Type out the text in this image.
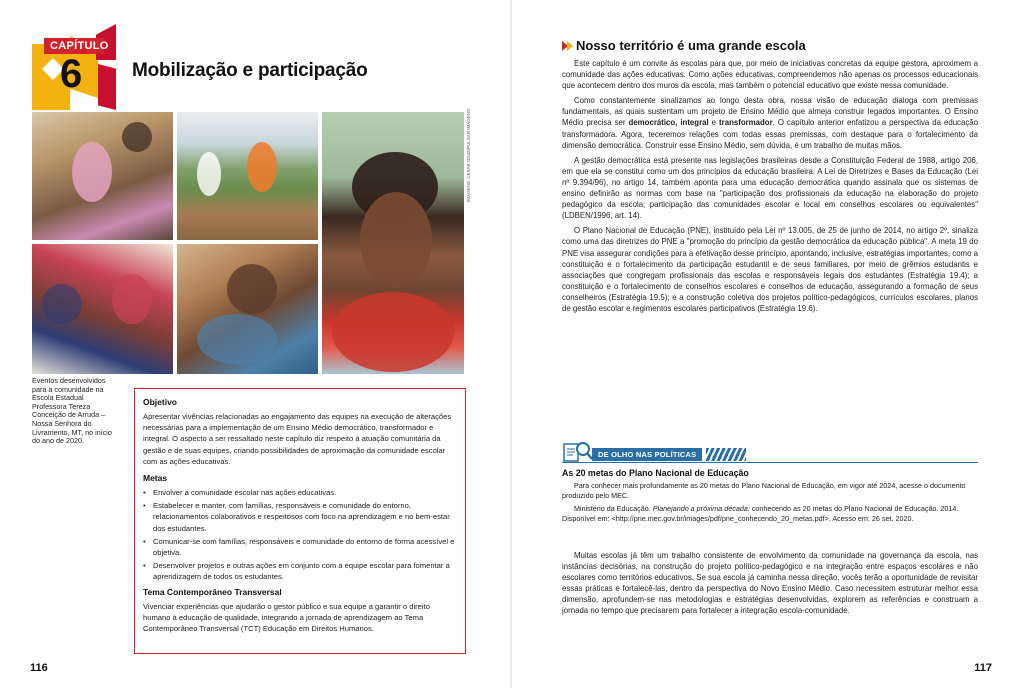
CAPÍTULO
6	Mobilização e participação
IMAGENS: CESAR DINIZ/PULSAR IMAGENS
Eventos desenvolvidos para a comunidade na Escola Estadual Professora Tereza Conceição de Arruda – Nossa Senhora do Livramento, MT, no início do ano de 2020.
Objetivo

Apresentar vivências relacionadas ao engajamento das equipes na execução de alterações necessárias para a implementação de um Ensino Médio democrático, transformador e integral. O aspecto a ser ressaltado neste capítulo diz respeito à atuação comunitária da gestão e de suas equipes, criando possibilidades de aproximação da comunidade escolar com as ações educativas.

Metas
• Envolver a comunidade escolar nas ações educativas.
• Estabelecer e manter, com famílias, responsáveis e comunidade do entorno, relacionamentos colaborativos e respeitosos com foco na aprendizagem e no bem-estar dos estudantes.
• Comunicar-se com famílias, responsáveis e comunidade do entorno de forma acessível e objetiva.
• Desenvolver projetos e outras ações em conjunto com a equipe escolar para fomentar a aprendizagem de todos os estudantes.
Tema Contemporâneo Transversal

Vivenciar experiências que ajudarão o gestor público e sua equipe a garantir o direito humano à educação de qualidade, integrando a jornada de aprendizagem ao Tema Contemporâneo Transversal (TCT) Educação em Direitos Humanos.

116
Nosso território é uma grande escola

Este capítulo é um convite às escolas para que, por meio de iniciativas concretas da equipe gestora, aproximem a comunidade das ações educativas. Como ações educativas, compreendemos não apenas os processos educacionais que acontecem dentro dos muros da escola, mas também o potencial educativo que existe nessa comunidade.

Como constantemente sinalizamos ao longo desta obra, nossa visão de educação dialoga com premissas fundamentais, as quais sustentam um projeto de Ensino Médio que almeja construir legados importantes. O Ensino Médio precisa ser democrático, integral e transformador. O capítulo anterior enfatizou a perspectiva da educação transformadora. Agora, teceremos relações com todas essas premissas, com destaque para o fortalecimento da dimensão democrática. Construir esse Ensino Médio, sem dúvida, é um trabalho de muitas mãos.

A gestão democrática está presente nas legislações brasileiras desde a Constituição Federal de 1988, artigo 206, em que ela se constitui como um dos princípios da educação brasileira. A Lei de Diretrizes e Bases da Educação (Lei nº 9.394/96), no artigo 14, também aponta para uma educação democrática quando assinala que os sistemas de ensino definirão as normas com base na "participação dos profissionais da educação na elaboração do projeto pedagógico da escola; participação das comunidades escolar e local em conselhos escolares ou equivalentes" (LDBEN/1996, art. 14).

O Plano Nacional de Educação (PNE), instituído pela Lei nº 13.005, de 25 de junho de 2014, no artigo 2º, sinaliza como uma das diretrizes do PNE a "promoção do princípio da gestão democrática da educação pública". A meta 19 do PNE visa assegurar condições para a efetivação desse princípio, apontando, inclusive, estratégias importantes, como a constituição e o fortalecimento da participação estudantil e de seus familiares, por meio de grêmios estudantis e associações que congregam profissionais das escolas e responsáveis legais dos estudantes (Estratégia 19.4); a constituição e o fortalecimento de conselhos escolares e conselhos de educação, assegurando a formação de seus conselheiros (Estratégia 19.5); e a construção coletiva dos projetos político-pedagógicos, currículos escolares, planos de gestão escolar e regimentos escolares participativos (Estratégia 19.6).

DE OLHO NAS POLÍTICAS
As 20 metas do Plano Nacional de Educação

Para conhecer mais profundamente as 20 metas do Plano Nacional de Educação, em vigor até 2024, acesse o documento produzido pelo MEC.

Ministério da Educação. Planejando a próxima década: conhecendo as 20 metas do Plano Nacional de Educação. 2014. Disponível em: <http://pne.mec.gov.br/images/pdf/pne_conhecendo_20_metas.pdf>. Acesso em: 26 set. 2020.

Muitas escolas já têm um trabalho consistente de envolvimento da comunidade na governança da escola, nas instâncias decisórias, na construção do projeto político-pedagógico e na integração entre espaços escolares e não escolares como territórios educativos. Se sua escola já caminha nessa direção, vocês terão a oportunidade de revisitar essas práticas e fortalecê-las, dentro da perspectiva do Novo Ensino Médio. Caso necessitem estruturar melhor essa dimensão, aprofundem-se nas metodologias e estratégias desenvolvidas, explorem as referências e construam a jornada no tempo que precisarem para fortalecer a integração escola-comunidade.

117
